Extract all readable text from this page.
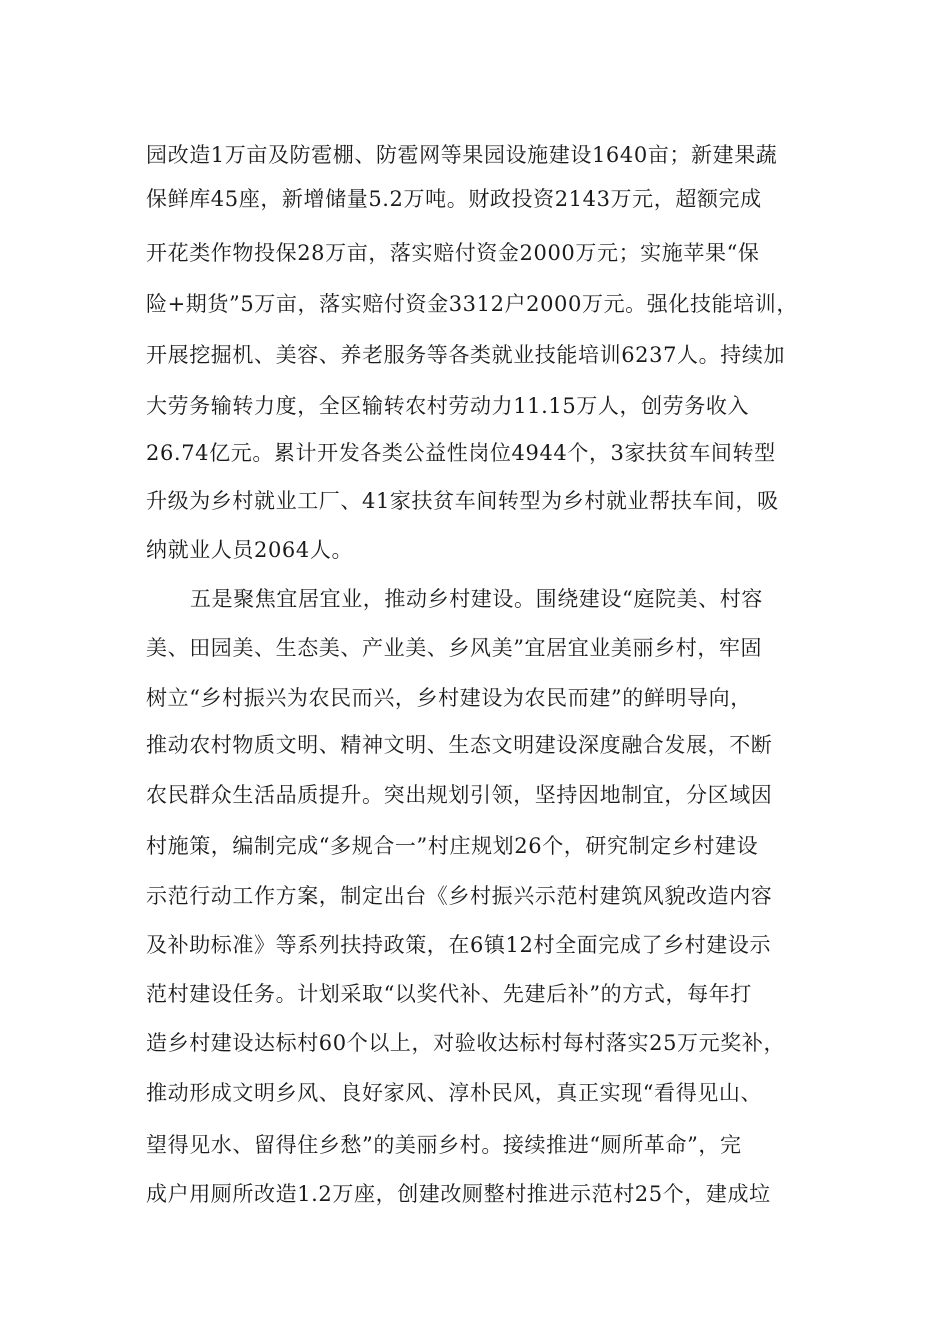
园改造1万亩及防雹棚、防雹网等果园设施建设1640亩；新建果蔬
保鲜库45座，新增储量5.2万吨。财政投资2143万元，超额完成
开花类作物投保28万亩，落实赔付资金2000万元；实施苹果“保
险+期货”5万亩，落实赔付资金3312户2000万元。强化技能培训，
开展挖掘机、美容、养老服务等各类就业技能培训6237人。持续加
大劳务输转力度，全区输转农村劳动力11.15万人，创劳务收入
26.74亿元。累计开发各类公益性岗位4944个，3家扶贫车间转型
升级为乡村就业工厂、41家扶贫车间转型为乡村就业帮扶车间，吸
纳就业人员2064人。
五是聚焦宜居宜业，推动乡村建设。围绕建设“庭院美、村容
美、田园美、生态美、产业美、乡风美”宜居宜业美丽乡村，牢固
树立“乡村振兴为农民而兴，乡村建设为农民而建”的鲜明导向，
推动农村物质文明、精神文明、生态文明建设深度融合发展，不断
农民群众生活品质提升。突出规划引领，坚持因地制宜，分区域因
村施策，编制完成“多规合一”村庄规划26个，研究制定乡村建设
示范行动工作方案，制定出台《乡村振兴示范村建筑风貌改造内容
及补助标准》等系列扶持政策，在6镇12村全面完成了乡村建设示
范村建设任务。计划采取“以奖代补、先建后补”的方式，每年打
造乡村建设达标村60个以上，对验收达标村每村落实25万元奖补，
推动形成文明乡风、良好家风、淳朴民风，真正实现“看得见山、
望得见水、留得住乡愁”的美丽乡村。接续推进“厕所革命”，完
成户用厕所改造1.2万座，创建改厕整村推进示范村25个，建成垃
